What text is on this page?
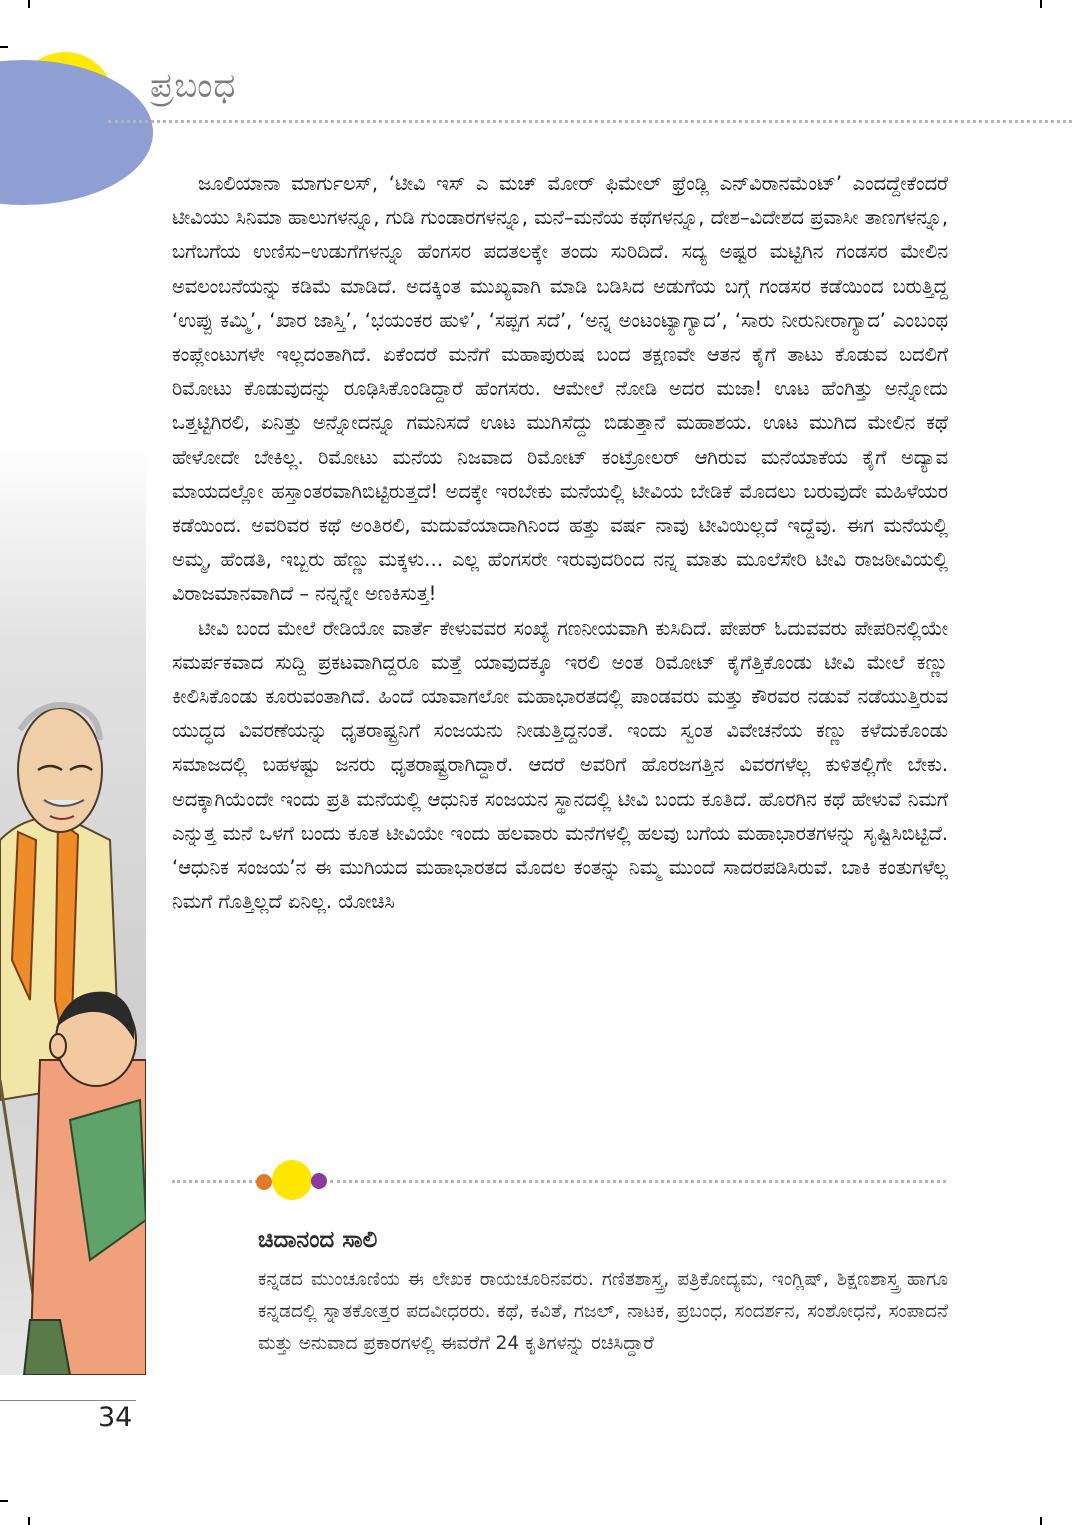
ಪ್ರಬಂಧ

ಜೂಲಿಯಾನಾ ಮಾರ್ಗುಲಸ್, ‘ಟೀವಿ ಇಸ್ ಎ ಮಚ್ ಮೋರ್ ಫಿಮೇಲ್ ಫ್ರೆಂಡ್ಲಿ ಎನ್‌ವಿರಾನಮೆಂಟ್’ ಎಂದದ್ದೇಕೆಂದರೆ ಟೀವಿಯು ಸಿನಿಮಾ ಹಾಲುಗಳನ್ನೂ, ಗುಡಿ ಗುಂಡಾರಗಳನ್ನೂ, ಮನೆ–ಮನೆಯ ಕಥೆಗಳನ್ನೂ, ದೇಶ–ವಿದೇಶದ ಪ್ರವಾಸೀ ತಾಣಗಳನ್ನೂ, ಬಗೆಬಗೆಯ ಉಣಿಸು–ಉಡುಗೆಗಳನ್ನೂ ಹೆಂಗಸರ ಪದತಲಕ್ಕೇ ತಂದು ಸುರಿದಿದೆ. ಸದ್ಯ ಅಷ್ಟರ ಮಟ್ಟಿಗಿನ ಗಂಡಸರ ಮೇಲಿನ ಅವಲಂಬನೆಯನ್ನು ಕಡಿಮೆ ಮಾಡಿದೆ. ಅದಕ್ಕಿಂತ ಮುಖ್ಯವಾಗಿ ಮಾಡಿ ಬಡಿಸಿದ ಅಡುಗೆಯ ಬಗ್ಗೆ ಗಂಡಸರ ಕಡೆಯಿಂದ ಬರುತ್ತಿದ್ದ ‘ಉಪ್ಪು ಕಮ್ಮಿ’, ‘ಖಾರ ಜಾಸ್ತಿ’, ‘ಭಯಂಕರ ಹುಳಿ’, ‘ಸಪ್ಪಗ ಸದೆ’, ‘ಅನ್ನ ಅಂಟಂಟ್ಯಾಗ್ಯಾದ’, ‘ಸಾರು ನೀರುನೀರಾಗ್ಯಾದ’ ಎಂಬಂಥ ಕಂಪ್ಲೇಂಟುಗಳೇ ಇಲ್ಲದಂತಾಗಿದೆ. ಏಕೆಂದರೆ ಮನೆಗೆ ಮಹಾಪುರುಷ ಬಂದ ತಕ್ಷಣವೇ ಆತನ ಕೈಗೆ ತಾಟು ಕೊಡುವ ಬದಲಿಗೆ ರಿಮೋಟು ಕೊಡುವುದನ್ನು ರೂಢಿಸಿಕೊಂಡಿದ್ದಾರೆ ಹೆಂಗಸರು. ಆಮೇಲೆ ನೋಡಿ ಅದರ ಮಜಾ! ಊಟ ಹೆಂಗಿತ್ತು ಅನ್ನೋದು ಒತ್ತಟ್ಟಿಗಿರಲಿ, ಏನಿತ್ತು ಅನ್ನೋದನ್ನೂ ಗಮನಿಸದೆ ಊಟ ಮುಗಿಸೆದ್ದು ಬಿಡುತ್ತಾನೆ ಮಹಾಶಯ. ಊಟ ಮುಗಿದ ಮೇಲಿನ ಕಥೆ ಹೇಳೋದೇ ಬೇಕಿಲ್ಲ. ರಿಮೋಟು ಮನೆಯ ನಿಜವಾದ ರಿಮೋಟ್ ಕಂಟ್ರೋಲರ್ ಆಗಿರುವ ಮನೆಯಾಕೆಯ ಕೈಗೆ ಅದ್ಯಾವ ಮಾಯದಲ್ಲೋ ಹಸ್ತಾಂತರವಾಗಿಬಿಟ್ಟಿರುತ್ತದೆ! ಅದಕ್ಕೇ ಇರಬೇಕು ಮನೆಯಲ್ಲಿ ಟೀವಿಯ ಬೇಡಿಕೆ ಮೊದಲು ಬರುವುದೇ ಮಹಿಳೆಯರ ಕಡೆಯಿಂದ. ಅವರಿವರ ಕಥೆ ಅಂತಿರಲಿ, ಮದುವೆಯಾದಾಗಿನಿಂದ ಹತ್ತು ವರ್ಷ ನಾವು ಟೀವಿಯಿಲ್ಲದೆ ಇದ್ದೆವು. ಈಗ ಮನೆಯಲ್ಲಿ ಅಮ್ಮ, ಹೆಂಡತಿ, ಇಬ್ಬರು ಹೆಣ್ಣು ಮಕ್ಕಳು… ಎಲ್ಲ ಹೆಂಗಸರೇ ಇರುವುದರಿಂದ ನನ್ನ ಮಾತು ಮೂಲೆಸೇರಿ ಟೀವಿ ರಾಜಠೀವಿಯಲ್ಲಿ ವಿರಾಜಮಾನವಾಗಿದೆ – ನನ್ನನ್ನೇ ಅಣಕಿಸುತ್ತ!

ಟೀವಿ ಬಂದ ಮೇಲೆ ರೇಡಿಯೋ ವಾರ್ತೆ ಕೇಳುವವರ ಸಂಖ್ಯೆ ಗಣನೀಯವಾಗಿ ಕುಸಿದಿದೆ. ಪೇಪರ್ ಓದುವವರು ಪೇಪರಿನಲ್ಲಿಯೇ ಸಮರ್ಪಕವಾದ ಸುದ್ದಿ ಪ್ರಕಟವಾಗಿದ್ದರೂ ಮತ್ತೆ ಯಾವುದಕ್ಕೂ ಇರಲಿ ಅಂತ ರಿಮೋಟ್ ಕೈಗೆತ್ತಿಕೊಂಡು ಟೀವಿ ಮೇಲೆ ಕಣ್ಣು ಕೀಲಿಸಿಕೊಂಡು ಕೂರುವಂತಾಗಿದೆ. ಹಿಂದೆ ಯಾವಾಗಲೋ ಮಹಾಭಾರತದಲ್ಲಿ ಪಾಂಡವರು ಮತ್ತು ಕೌರವರ ನಡುವೆ ನಡೆಯುತ್ತಿರುವ ಯುದ್ಧದ ವಿವರಣೆಯನ್ನು ಧೃತರಾಷ್ಟ್ರನಿಗೆ ಸಂಜಯನು ನೀಡುತ್ತಿದ್ದನಂತೆ. ಇಂದು ಸ್ವಂತ ವಿವೇಚನೆಯ ಕಣ್ಣು ಕಳೆದುಕೊಂಡು ಸಮಾಜದಲ್ಲಿ ಬಹಳಷ್ಟು ಜನರು ಧೃತರಾಷ್ಟ್ರರಾಗಿದ್ದಾರೆ. ಆದರೆ ಅವರಿಗೆ ಹೊರಜಗತ್ತಿನ ವಿವರಗಳೆಲ್ಲ ಕುಳಿತಲ್ಲಿಗೇ ಬೇಕು. ಅದಕ್ಕಾಗಿಯೆಂದೇ ಇಂದು ಪ್ರತಿ ಮನೆಯಲ್ಲಿ ಆಧುನಿಕ ಸಂಜಯನ ಸ್ಥಾನದಲ್ಲಿ ಟೀವಿ ಬಂದು ಕೂತಿದೆ. ಹೊರಗಿನ ಕಥೆ ಹೇಳುವೆ ನಿಮಗೆ ಎನ್ನುತ್ತ ಮನೆ ಒಳಗೆ ಬಂದು ಕೂತ ಟೀವಿಯೇ ಇಂದು ಹಲವಾರು ಮನೆಗಳಲ್ಲಿ ಹಲವು ಬಗೆಯ ಮಹಾಭಾರತಗಳನ್ನು ಸೃಷ್ಟಿಸಿಬಿಟ್ಟಿದೆ. ‘ಆಧುನಿಕ ಸಂಜಯ’ನ ಈ ಮುಗಿಯದ ಮಹಾಭಾರತದ ಮೊದಲ ಕಂತನ್ನು ನಿಮ್ಮ ಮುಂದೆ ಸಾದರಪಡಿಸಿರುವೆ. ಬಾಕಿ ಕಂತುಗಳೆಲ್ಲ ನಿಮಗೆ ಗೊತ್ತಿಲ್ಲದೆ ಏನಿಲ್ಲ. ಯೋಚಿಸಿ

ಚಿದಾನಂದ ಸಾಲಿ
ಕನ್ನಡದ ಮುಂಚೂಣಿಯ ಈ ಲೇಖಕ ರಾಯಚೂರಿನವರು. ಗಣಿತಶಾಸ್ತ್ರ, ಪತ್ರಿಕೋದ್ಯಮ, ಇಂಗ್ಲಿಷ್, ಶಿಕ್ಷಣಶಾಸ್ತ್ರ ಹಾಗೂ ಕನ್ನಡದಲ್ಲಿ ಸ್ನಾತಕೋತ್ತರ ಪದವೀಧರರು. ಕಥೆ, ಕವಿತೆ, ಗಜಲ್, ನಾಟಕ, ಪ್ರಬಂಧ, ಸಂದರ್ಶನ, ಸಂಶೋಧನೆ, ಸಂಪಾದನೆ ಮತ್ತು ಅನುವಾದ ಪ್ರಕಾರಗಳಲ್ಲಿ ಈವರೆಗೆ 24 ಕೃತಿಗಳನ್ನು ರಚಿಸಿದ್ದಾರೆ
34
